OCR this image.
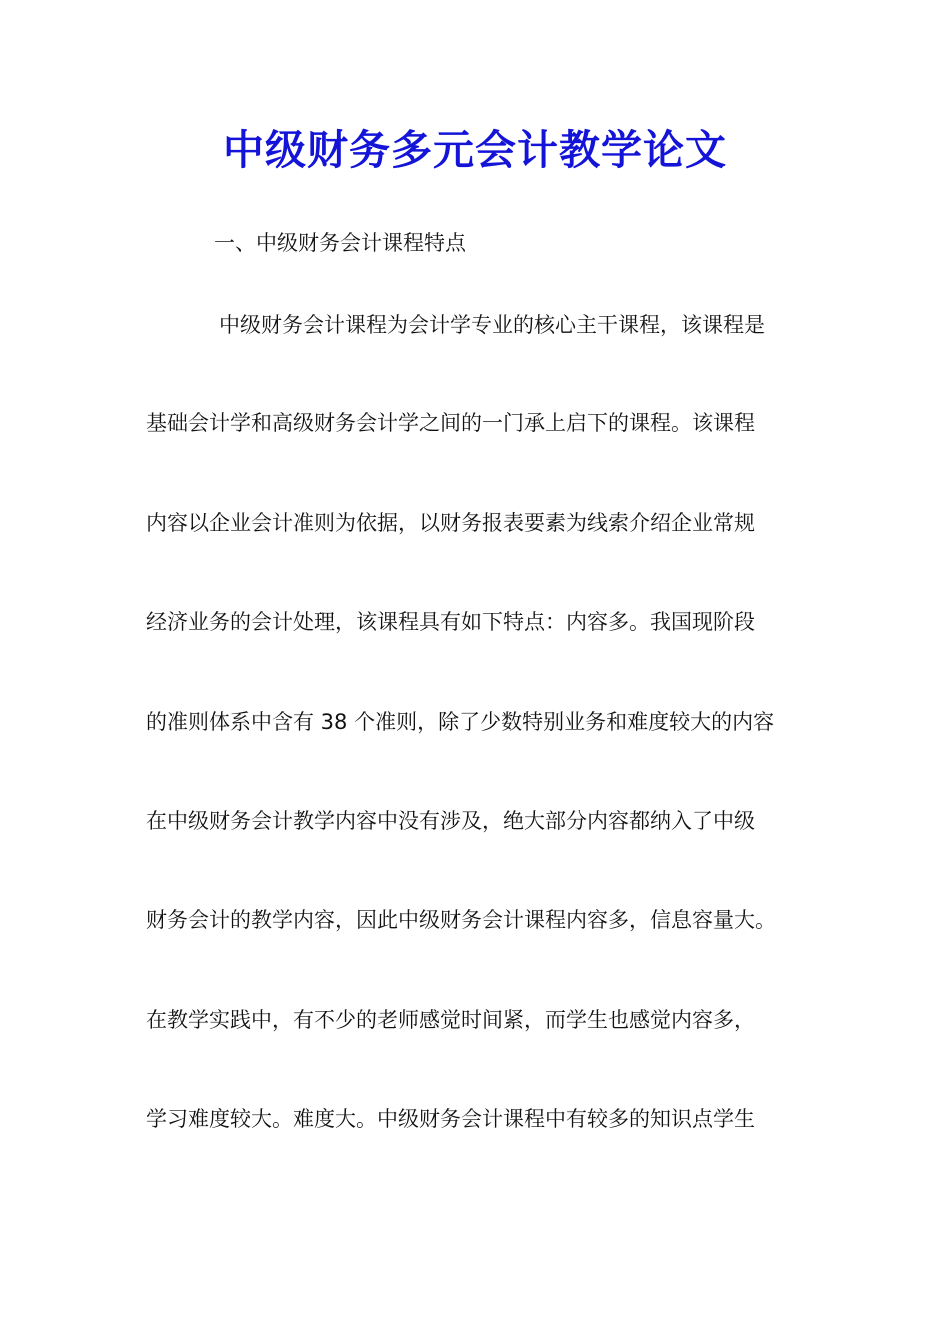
中级财务多元会计教学论文
一、中级财务会计课程特点
中级财务会计课程为会计学专业的核心主干课程，该课程是
基础会计学和高级财务会计学之间的一门承上启下的课程。该课程
内容以企业会计准则为依据，以财务报表要素为线索介绍企业常规
经济业务的会计处理，该课程具有如下特点：内容多。我国现阶段
的准则体系中含有 38 个准则，除了少数特别业务和难度较大的内容
在中级财务会计教学内容中没有涉及，绝大部分内容都纳入了中级
财务会计的教学内容，因此中级财务会计课程内容多，信息容量大。
在教学实践中，有不少的老师感觉时间紧，而学生也感觉内容多，
学习难度较大。难度大。中级财务会计课程中有较多的知识点学生
